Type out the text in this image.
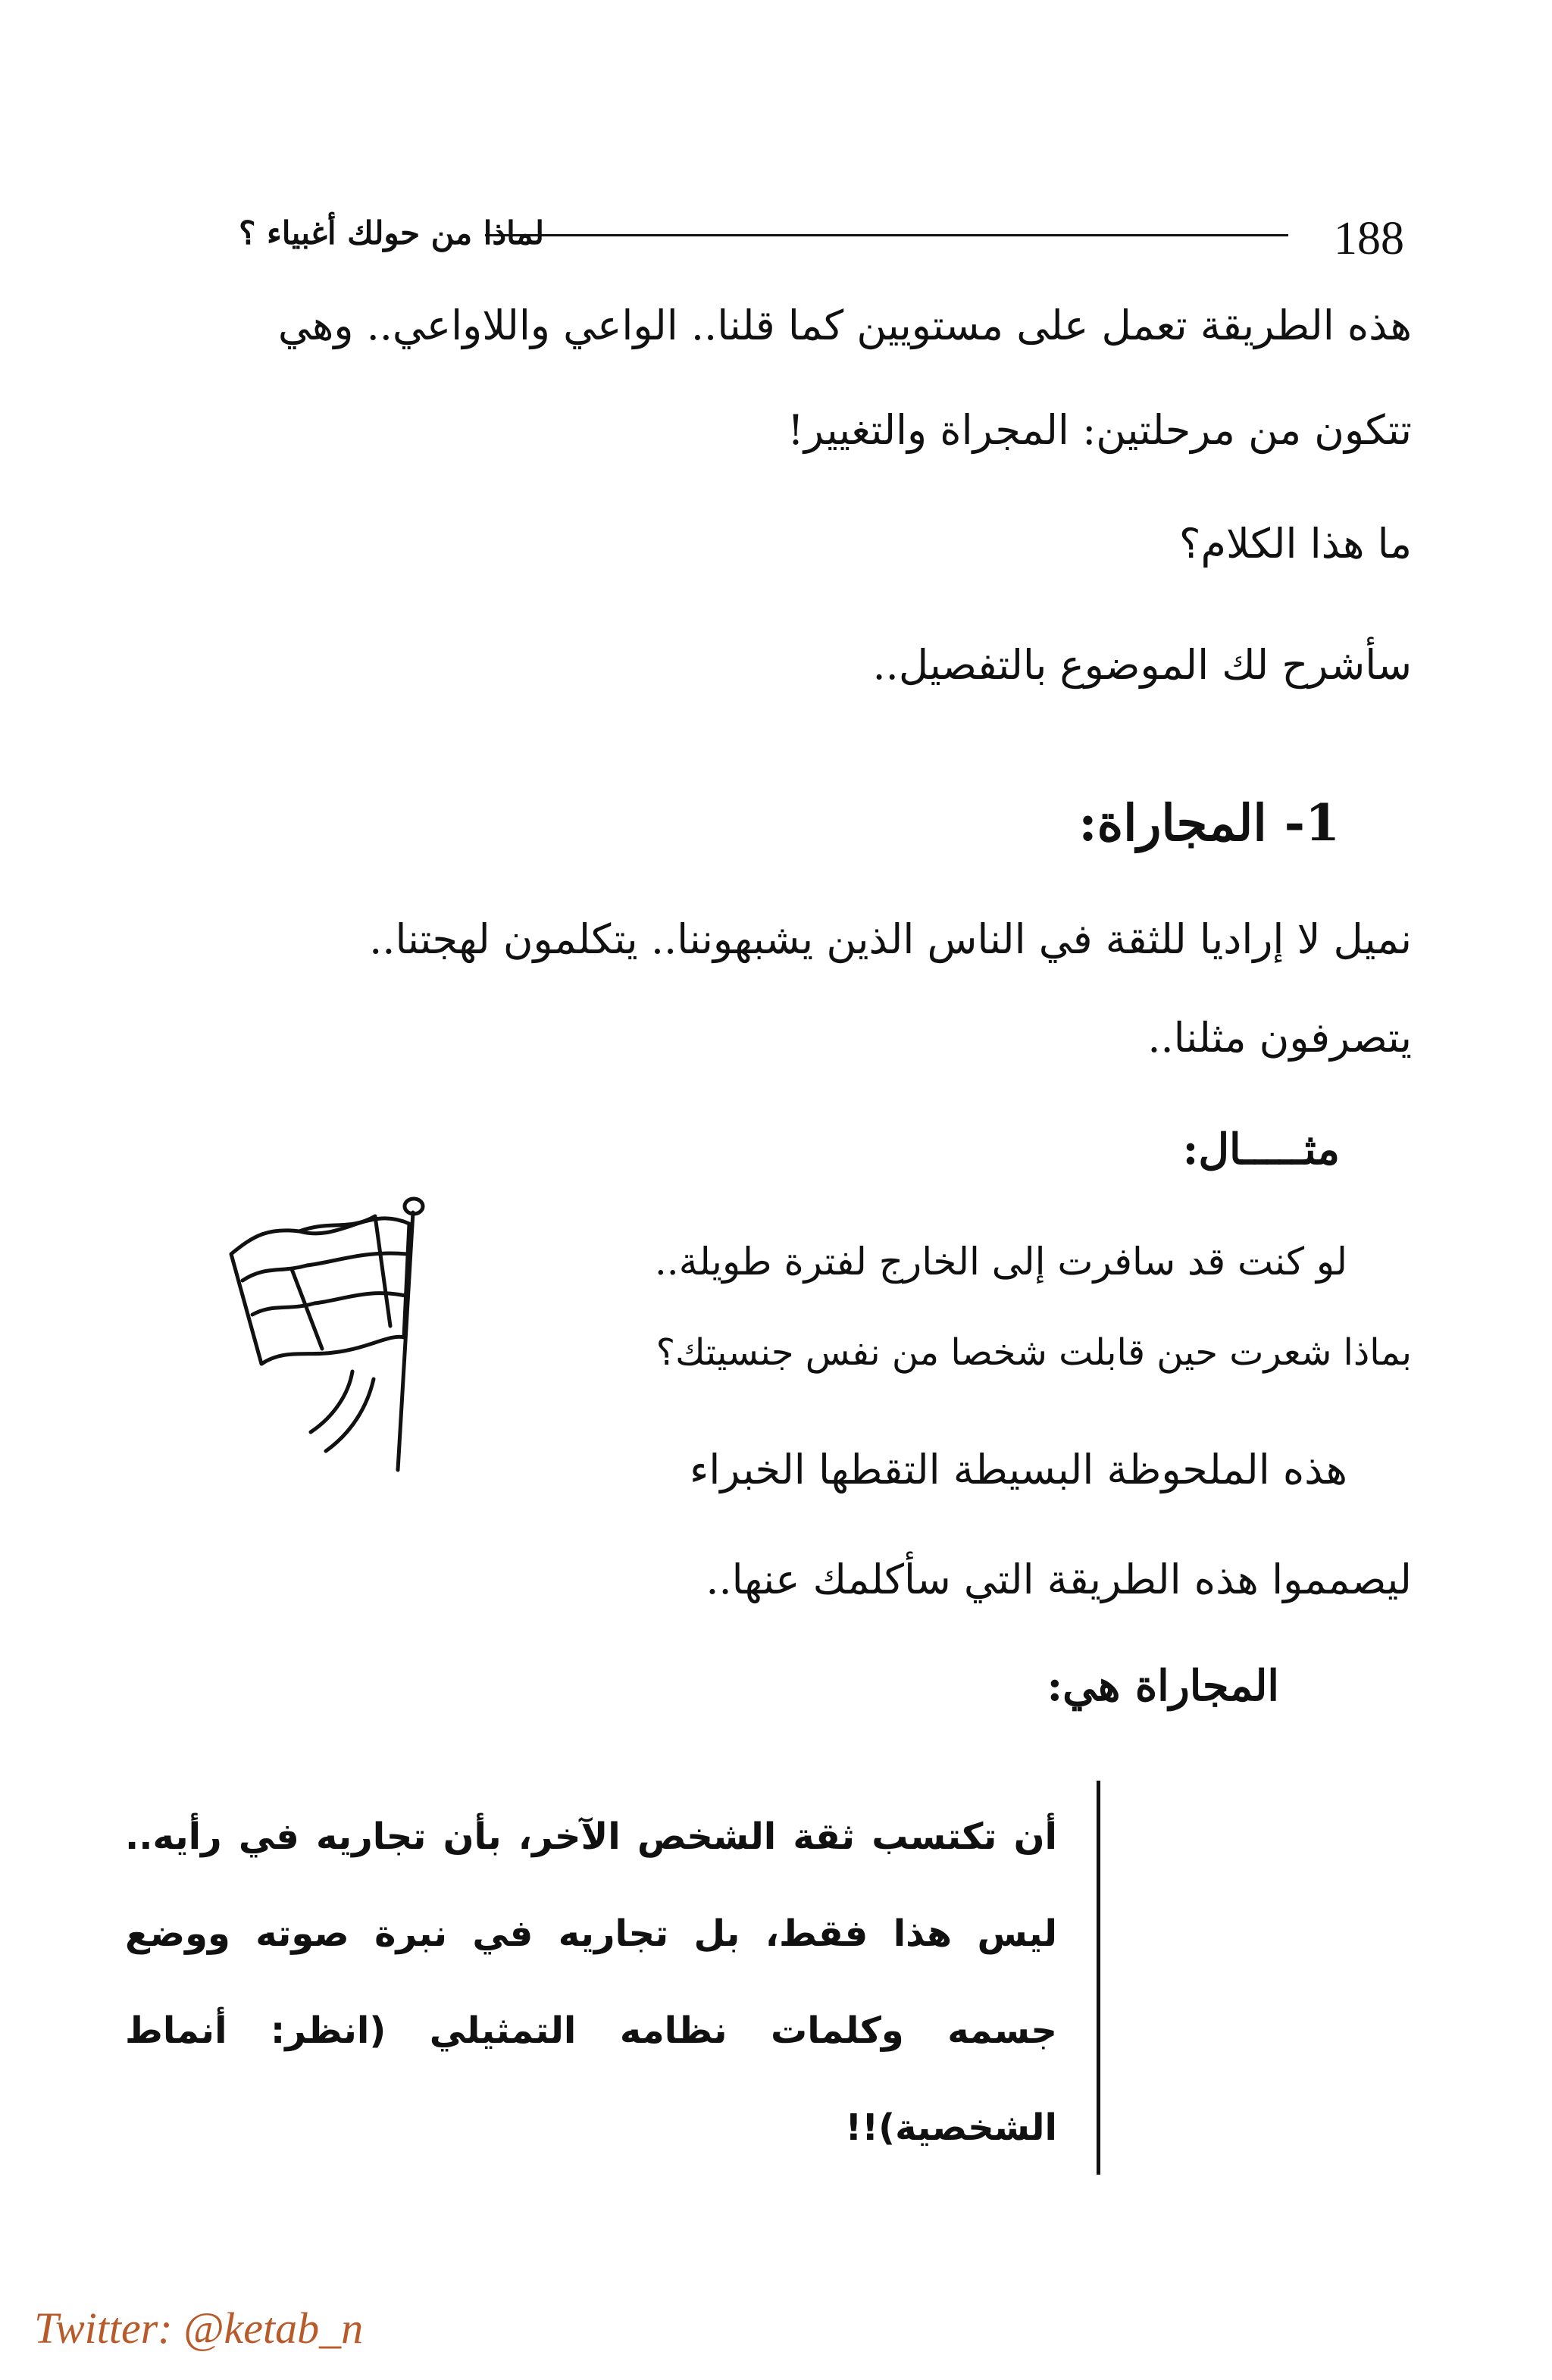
188
لماذا من حولك أغبياء ؟
هذه الطريقة تعمل على مستويين كما قلنا.. الواعي واللاواعي.. وهي
تتكون من مرحلتين: المجراة والتغيير!
ما هذا الكلام؟
سأشرح لك الموضوع بالتفصيل..
1- المجاراة:
نميل لا إراديا للثقة في الناس الذين يشبهوننا.. يتكلمون لهجتنا..
يتصرفون مثلنا..
مثـــــال:
لو كنت قد سافرت إلى الخارج لفترة طويلة..
بماذا شعرت حين قابلت شخصا من نفس جنسيتك؟
هذه الملحوظة البسيطة التقطها الخبراء
ليصمموا هذه الطريقة التي سأكلمك عنها..
المجاراة هي:
أن تكتسب ثقة الشخص الآخر، بأن تجاريه في رأيه.. ليس هذا فقط، بل تجاريه في نبرة صوته ووضع جسمه وكلمات نظامه التمثيلي (انظر: أنماط الشخصية)!!
Twitter: @ketab_n
